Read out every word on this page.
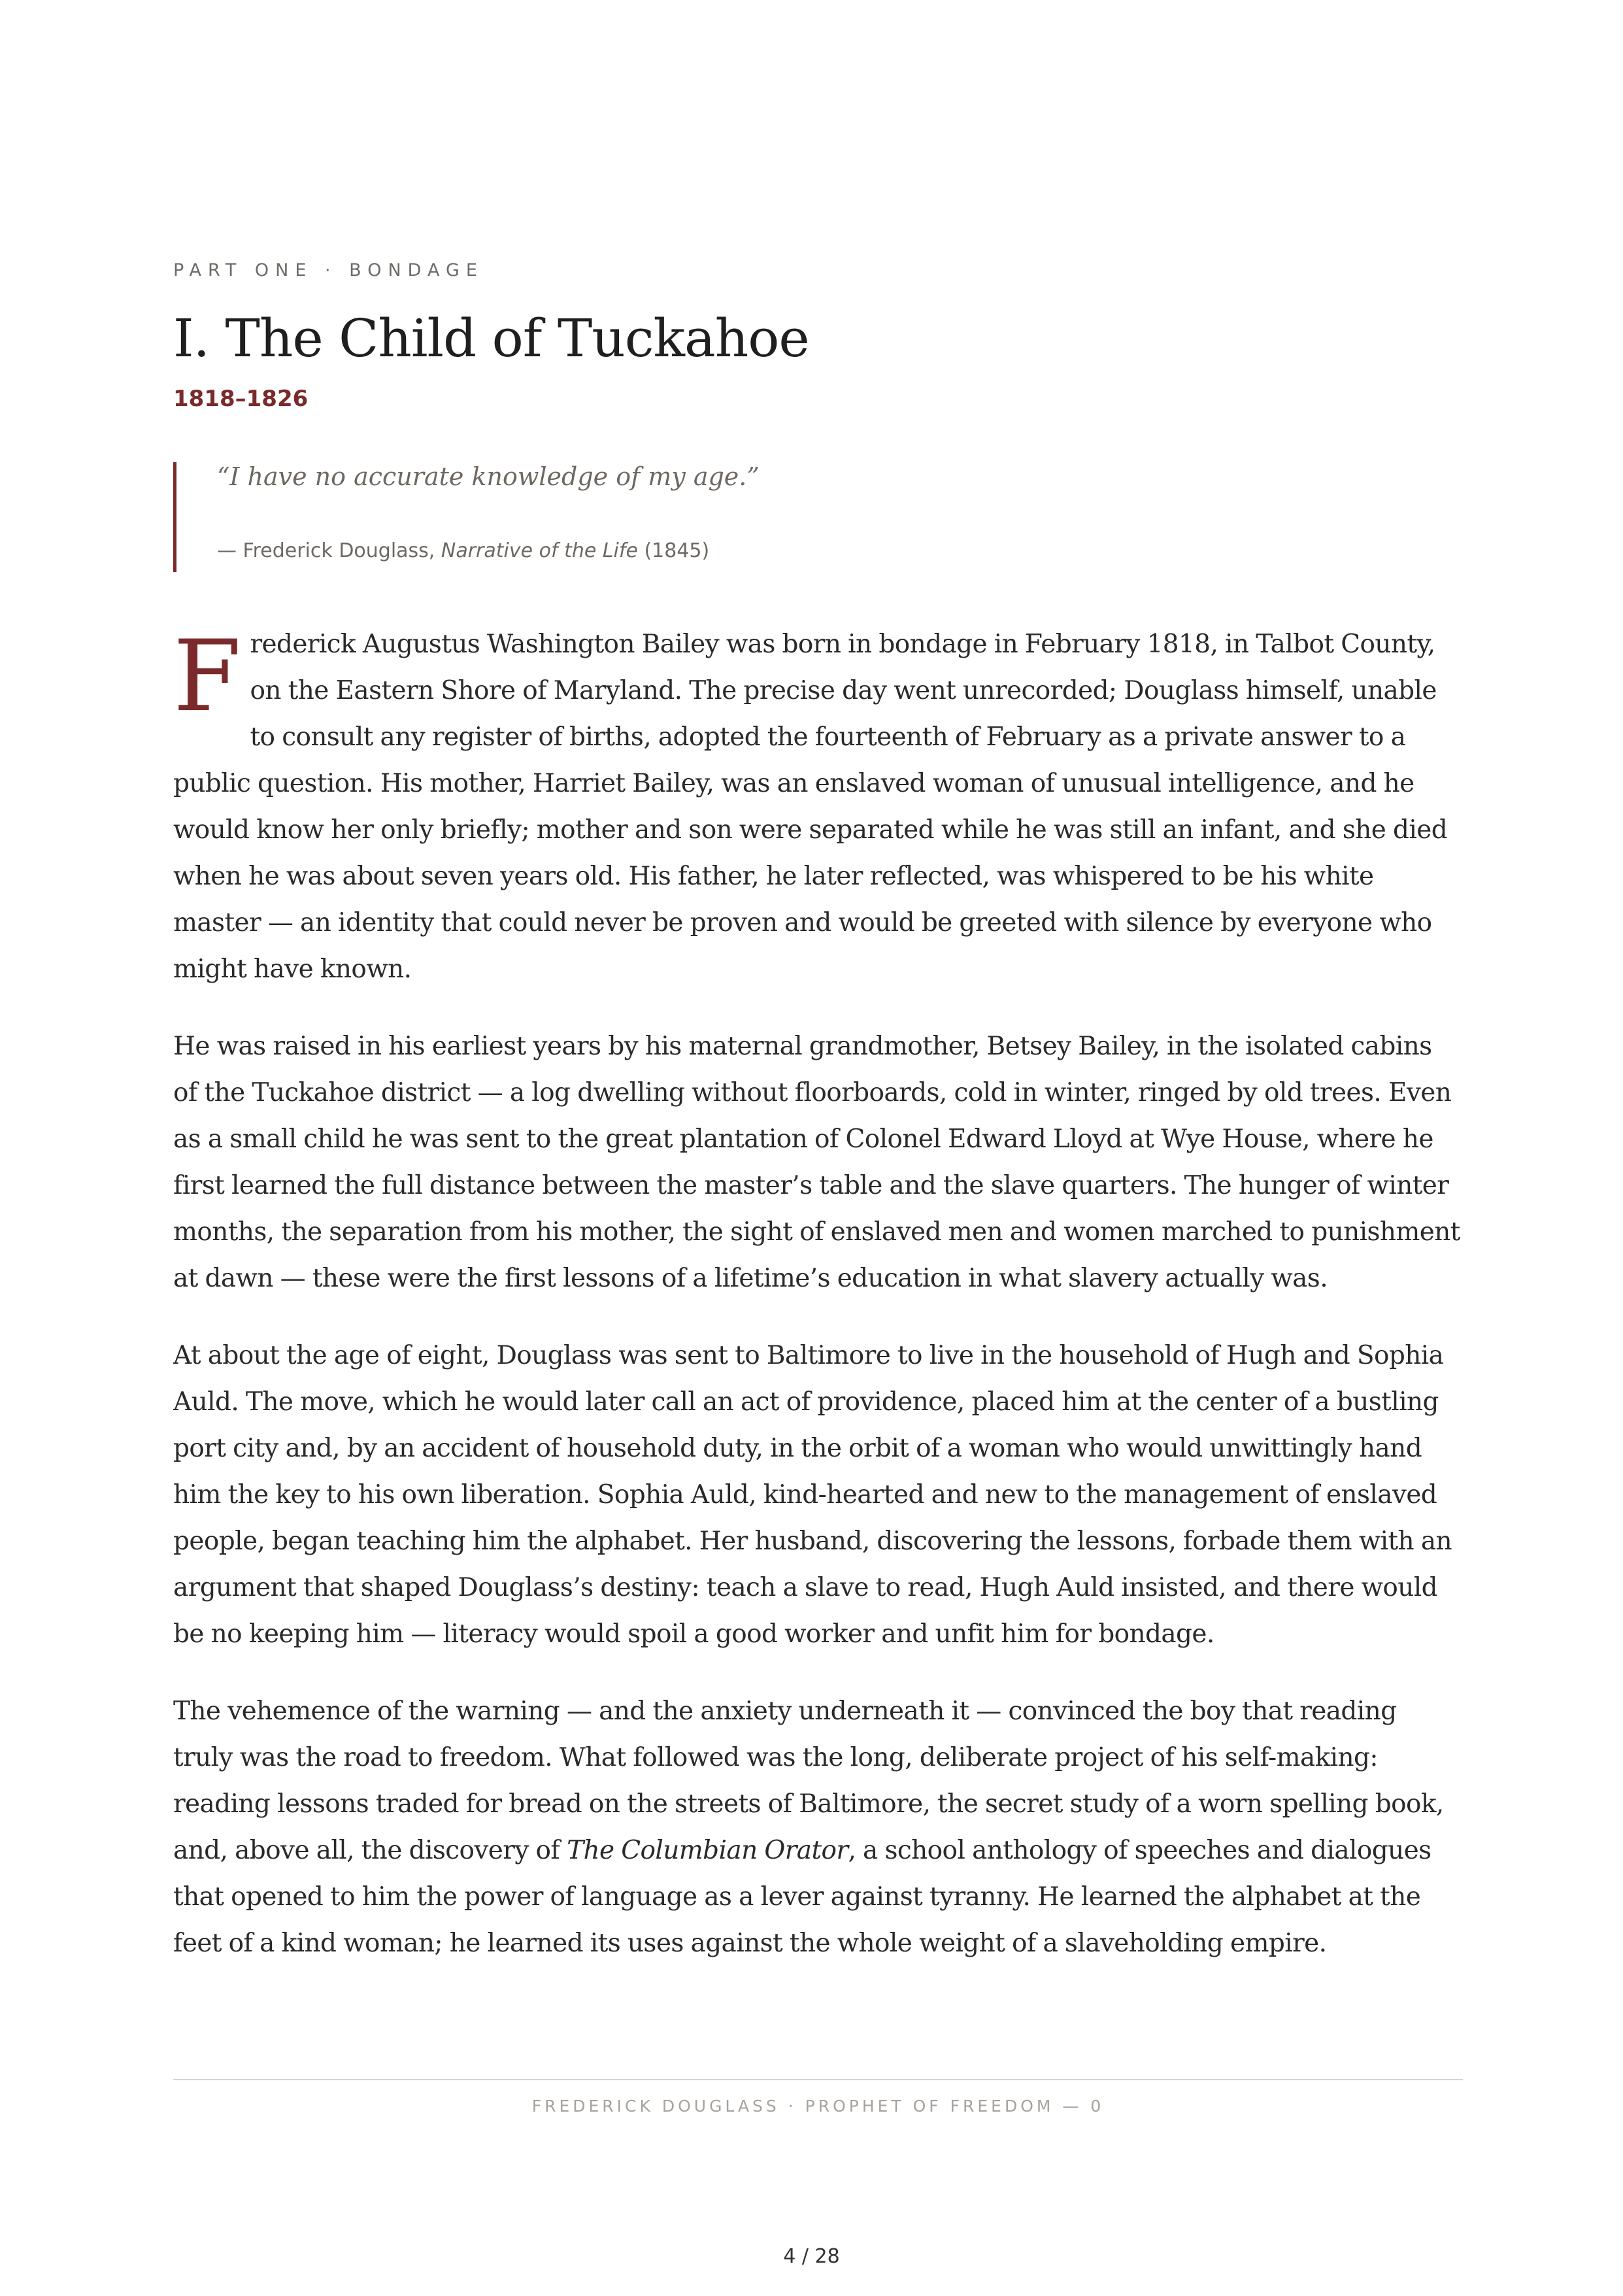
PART ONE · BONDAGE
I. The Child of Tuckahoe
1818–1826
“I have no accurate knowledge of my age.”
— Frederick Douglass, Narrative of the Life (1845)

Frederick Augustus Washington Bailey was born in bondage in February 1818, in Talbot County, on the Eastern Shore of Maryland. The precise day went unrecorded; Douglass himself, unable to consult any register of births, adopted the fourteenth of February as a private answer to a public question. His mother, Harriet Bailey, was an enslaved woman of unusual intelligence, and he would know her only briefly; mother and son were separated while he was still an infant, and she died when he was about seven years old. His father, he later reflected, was whispered to be his white master — an identity that could never be proven and would be greeted with silence by everyone who might have known.

He was raised in his earliest years by his maternal grandmother, Betsey Bailey, in the isolated cabins of the Tuckahoe district — a log dwelling without floorboards, cold in winter, ringed by old trees. Even as a small child he was sent to the great plantation of Colonel Edward Lloyd at Wye House, where he first learned the full distance between the master’s table and the slave quarters. The hunger of winter months, the separation from his mother, the sight of enslaved men and women marched to punishment at dawn — these were the first lessons of a lifetime’s education in what slavery actually was.

At about the age of eight, Douglass was sent to Baltimore to live in the household of Hugh and Sophia Auld. The move, which he would later call an act of providence, placed him at the center of a bustling port city and, by an accident of household duty, in the orbit of a woman who would unwittingly hand him the key to his own liberation. Sophia Auld, kind-hearted and new to the management of enslaved people, began teaching him the alphabet. Her husband, discovering the lessons, forbade them with an argument that shaped Douglass’s destiny: teach a slave to read, Hugh Auld insisted, and there would be no keeping him — literacy would spoil a good worker and unfit him for bondage.

The vehemence of the warning — and the anxiety underneath it — convinced the boy that reading truly was the road to freedom. What followed was the long, deliberate project of his self-making: reading lessons traded for bread on the streets of Baltimore, the secret study of a worn spelling book, and, above all, the discovery of The Columbian Orator, a school anthology of speeches and dialogues that opened to him the power of language as a lever against tyranny. He learned the alphabet at the feet of a kind woman; he learned its uses against the whole weight of a slaveholding empire.

FREDERICK DOUGLASS · PROPHET OF FREEDOM — 0
4 / 28
